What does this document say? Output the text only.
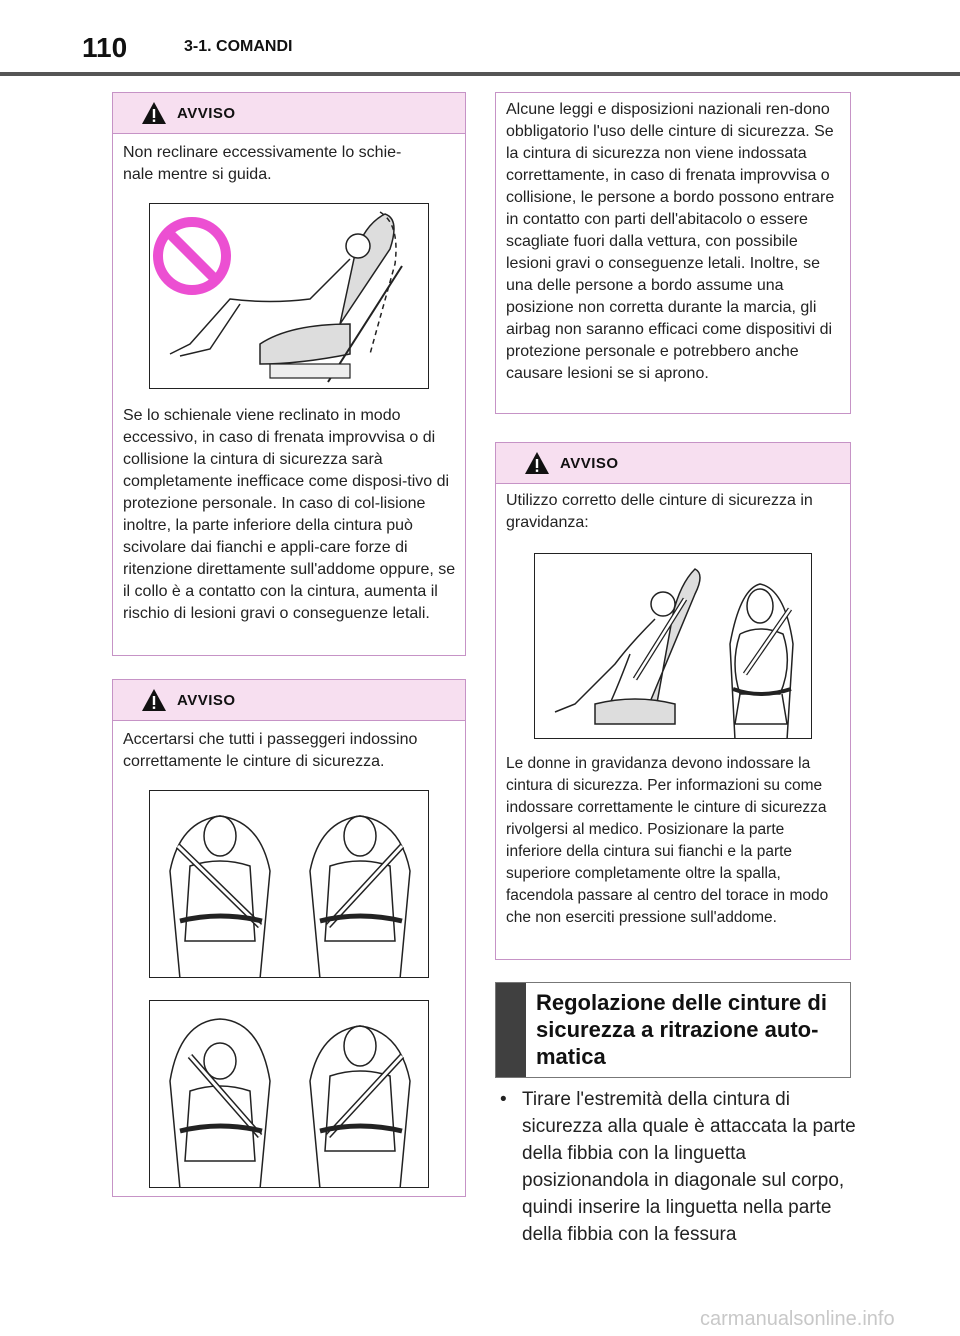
110	3-1. COMANDI
AVVISO
Non reclinare eccessivamente lo schie-
nale mentre si guida.
Se lo schienale viene reclinato in modo eccessivo, in caso di frenata improvvisa o di collisione la cintura di sicurezza sarà completamente inefficace come disposi-tivo di protezione personale. In caso di col-lisione inoltre, la parte inferiore della cintura può scivolare dai fianchi e appli-care forze di ritenzione direttamente sull'addome oppure, se il collo è a contatto con la cintura, aumenta il rischio di lesioni gravi o conseguenze letali.
AVVISO
Accertarsi che tutti i passeggeri indossino correttamente le cinture di sicurezza.
Alcune leggi e disposizioni nazionali ren-dono obbligatorio l'uso delle cinture di sicurezza. Se la cintura di sicurezza non viene indossata correttamente, in caso di frenata improvvisa o collisione, le persone a bordo possono entrare in contatto con parti dell'abitacolo o essere scagliate fuori dalla vettura, con possibile lesioni gravi o conseguenze letali. Inoltre, se una delle persone a bordo assume una posizione non corretta durante la marcia, gli airbag non saranno efficaci come dispositivi di protezione personale e potrebbero anche causare lesioni se si aprono.
AVVISO
Utilizzo corretto delle cinture di sicurezza in gravidanza:
Le donne in gravidanza devono indossare la cintura di sicurezza. Per informazioni su come indossare correttamente le cinture di sicurezza rivolgersi al medico. Posizionare la parte inferiore della cintura sui fianchi e la parte superiore completamente oltre la spalla, facendola passare al centro del torace in modo che non eserciti pressione sull'addome.
Regolazione delle cinture di sicurezza a ritrazione auto-matica
• Tirare l'estremità della cintura di sicurezza alla quale è attaccata la parte della fibbia con la linguetta posizionandola in diagonale sul corpo, quindi inserire la linguetta nella parte della fibbia con la fessura
carmanualsonline.info
